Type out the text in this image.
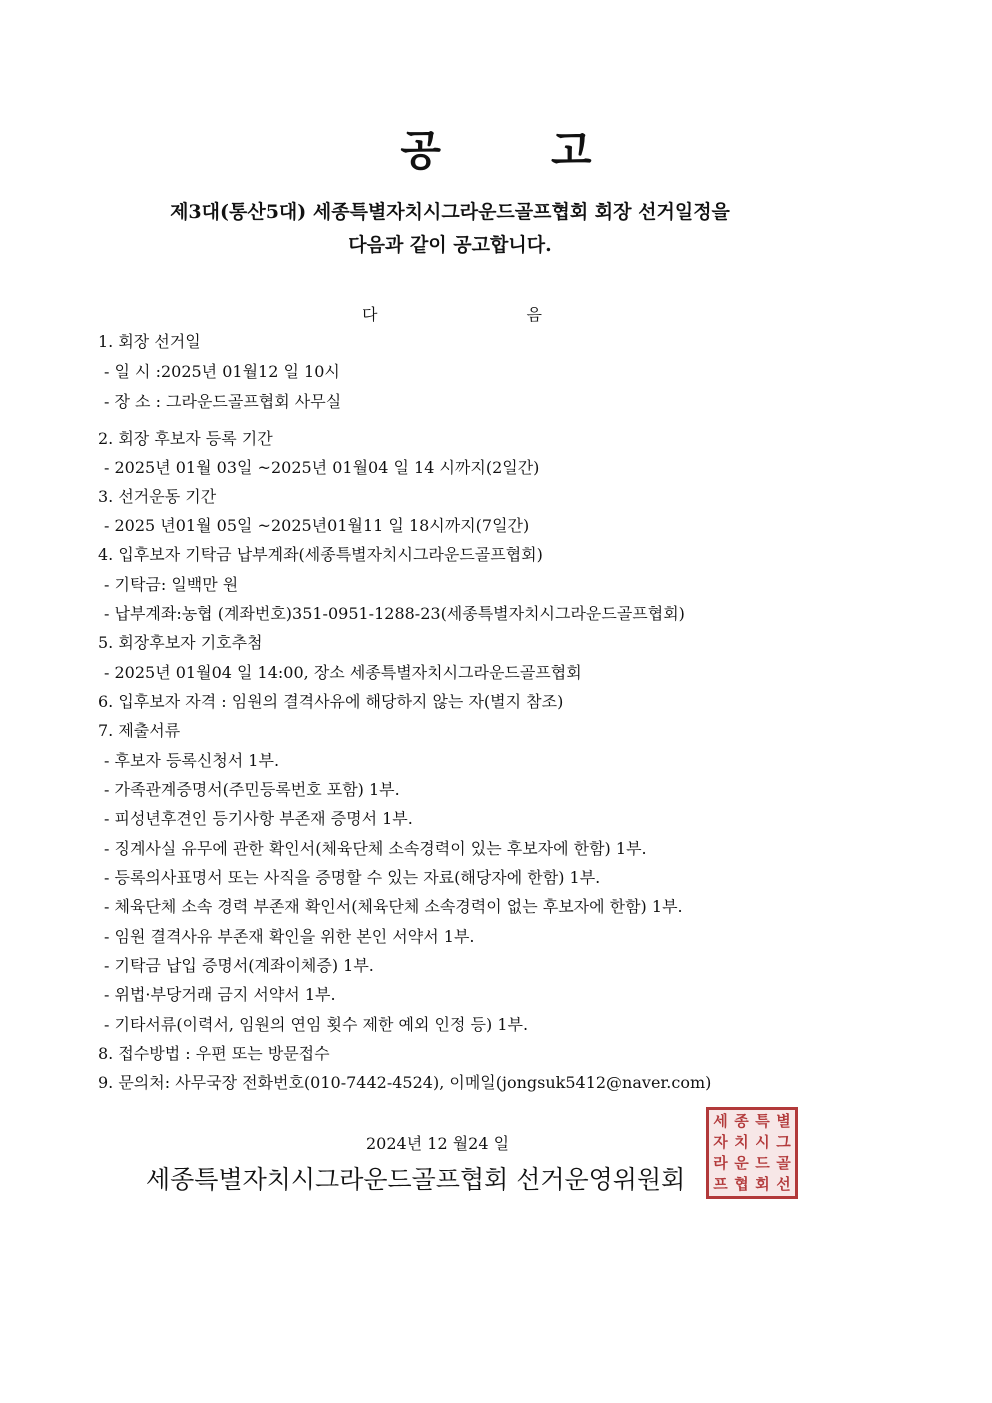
공고
제3대(통산5대) 세종특별자치시그라운드골프협회 회장 선거일정을
다음과 같이 공고합니다.
다	음
1. 회장 선거일
- 일 시 :2025년 01월12 일 10시
- 장 소 : 그라운드골프협회 사무실
2. 회장 후보자 등록 기간
- 2025년 01월 03일 ~2025년 01월04 일 14 시까지(2일간)
3. 선거운동 기간
- 2025 년01월 05일 ~2025년01월11 일 18시까지(7일간)
4. 입후보자 기탁금 납부계좌(세종특별자치시그라운드골프협회)
- 기탁금: 일백만 원
- 납부계좌:농협 (계좌번호)351-0951-1288-23(세종특별자치시그라운드골프협회)
5. 회장후보자 기호추첨
- 2025년 01월04 일 14:00, 장소 세종특별자치시그라운드골프협회
6. 입후보자 자격 : 임원의 결격사유에 해당하지 않는 자(별지 참조)
7. 제출서류
- 후보자 등록신청서 1부.
- 가족관계증명서(주민등록번호 포함) 1부.
- 피성년후견인 등기사항 부존재 증명서 1부.
- 징계사실 유무에 관한 확인서(체육단체 소속경력이 있는 후보자에 한함) 1부.
- 등록의사표명서 또는 사직을 증명할 수 있는 자료(해당자에 한함) 1부.
- 체육단체 소속 경력 부존재 확인서(체육단체 소속경력이 없는 후보자에 한함) 1부.
- 임원 결격사유 부존재 확인을 위한 본인 서약서 1부.
- 기탁금 납입 증명서(계좌이체증) 1부.
- 위법·부당거래 금지 서약서 1부.
- 기타서류(이력서, 임원의 연임 횟수 제한 예외 인정 등) 1부.
8. 접수방법 : 우편 또는 방문접수
9. 문의처: 사무국장 전화번호(010-7442-4524), 이메일(jongsuk5412@naver.com)
2024년 12 월24 일
세종특별자치시그라운드골프협회 선거운영위원회
세 종 특 별
자 치 시 그
라 운 드 골
프 협 회 선
